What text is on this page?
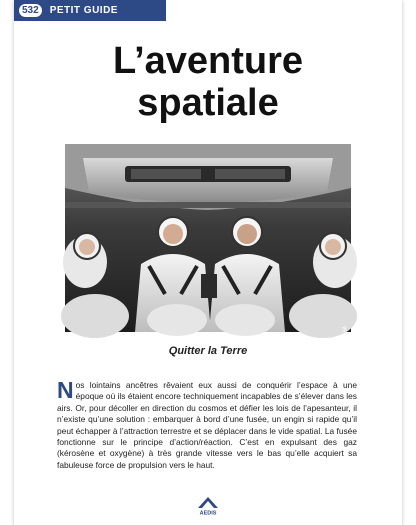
532	PETIT GUIDE
L’aventure
spatiale
© NASA
Quitter la Terre
Nos lointains ancêtres rêvaient eux aussi de conquérir l’espace à une époque où ils étaient encore techniquement incapables de s’élever dans les airs. Or, pour décoller en direction du cosmos et défier les lois de l’apesanteur, il n’existe qu’une solution : embarquer à bord d’une fusée, un engin si rapide qu’il peut échapper à l’attraction terrestre et se déplacer dans le vide spatial. La fusée fonctionne sur le principe d’action/réaction. C’est en expulsant des gaz (kérosène et oxygène) à très grande vitesse vers le bas qu’elle acquiert sa fabuleuse force de propulsion vers le haut.
AEDIS
